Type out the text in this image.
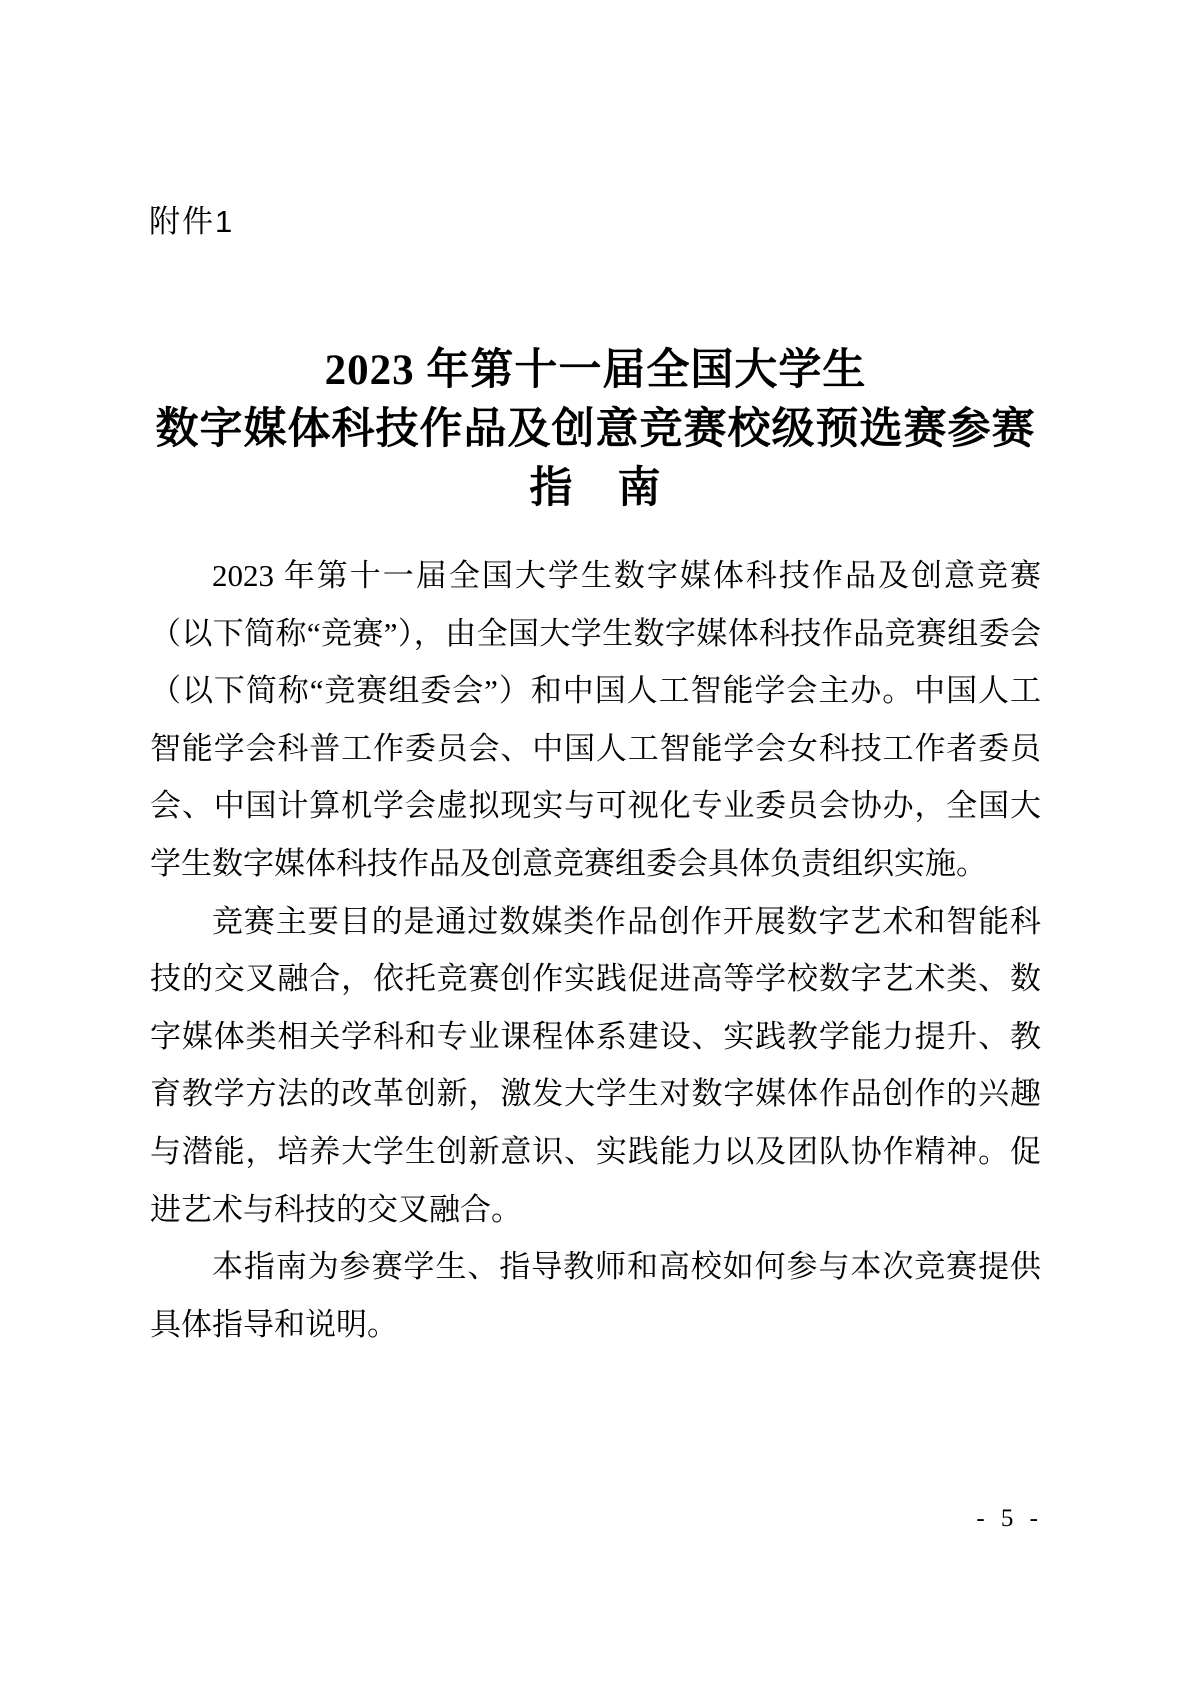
附件1
2023 年第十一届全国大学生
数字媒体科技作品及创意竞赛校级预选赛参赛
指　南

2023 年第十一届全国大学生数字媒体科技作品及创意竞赛（以下简称“竞赛”），由全国大学生数字媒体科技作品竞赛组委会（以下简称“竞赛组委会”）和中国人工智能学会主办。中国人工智能学会科普工作委员会、中国人工智能学会女科技工作者委员会、中国计算机学会虚拟现实与可视化专业委员会协办，全国大学生数字媒体科技作品及创意竞赛组委会具体负责组织实施。

竞赛主要目的是通过数媒类作品创作开展数字艺术和智能科技的交叉融合，依托竞赛创作实践促进高等学校数字艺术类、数字媒体类相关学科和专业课程体系建设、实践教学能力提升、教育教学方法的改革创新，激发大学生对数字媒体作品创作的兴趣与潜能，培养大学生创新意识、实践能力以及团队协作精神。促进艺术与科技的交叉融合。

本指南为参赛学生、指导教师和高校如何参与本次竞赛提供具体指导和说明。

- 5 -
